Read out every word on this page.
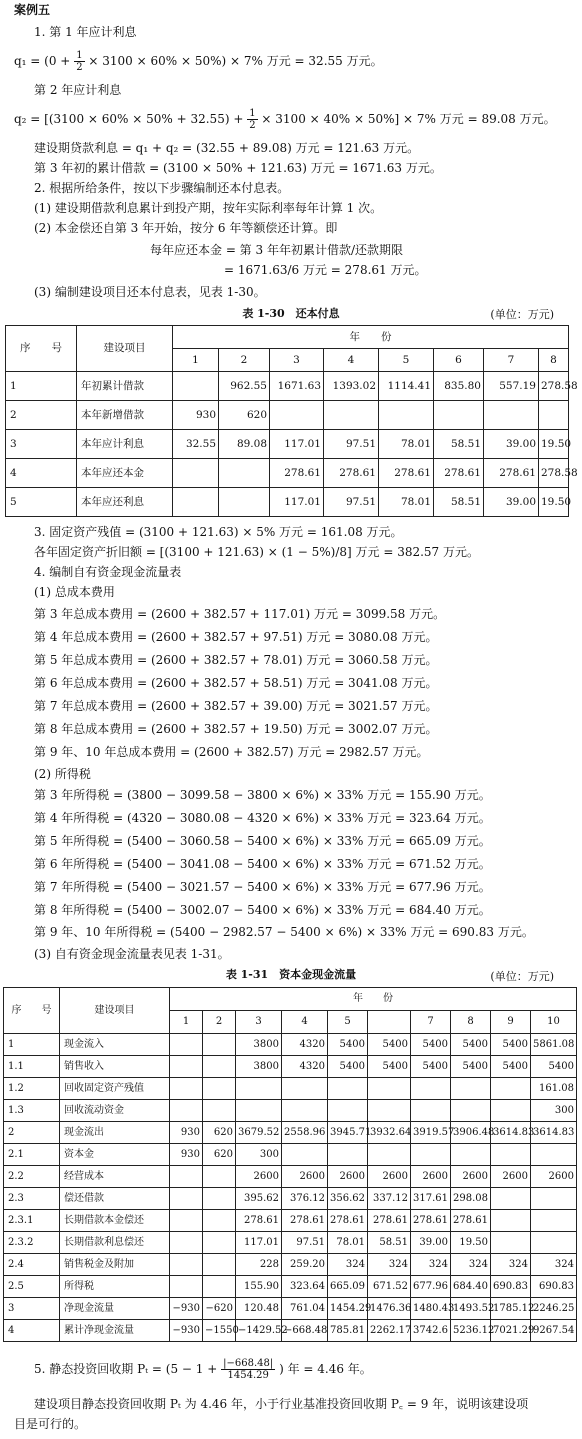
案例五
1. 第 1 年应计利息
$q_1 = (0 + \frac{1}{2} \times 3100 \times 60\% \times 50\%) \times 7\%$ 万元 = 32.55 万元。
第 2 年应计利息
$q_2 = [(3100 \times 60\% \times 50\% + 32.55) + \frac{1}{2} \times 3100 \times 40\% \times 50\%] \times 7\%$ 万元 = 89.08 万元。
建设期贷款利息 = q₁ + q₂ = (32.55 + 89.08) 万元 = 121.63 万元。
第 3 年初的累计借款 = (3100 × 50% + 121.63) 万元 = 1671.63 万元。
2. 根据所给条件，按以下步骤编制还本付息表。
(1) 建设期借款利息累计到投产期，按年实际利率每年计算 1 次。
(2) 本金偿还自第 3 年开始，按分 6 年等额偿还计算。即
每年应还本金 = 第 3 年年初累计借款/还款期限
= 1671.63/6 万元 = 278.61 万元。
(3) 编制建设项目还本付息表，见表 1-30。
表 1-30　还本付息	(单位：万元)
序　　号	建设项目	年　　份							
		1	2	3	4	5	6	7	8
1	年初累计借款		962.55	1671.63	1393.02	1114.41	835.80	557.19	278.58
2	本年新增借款	930	620						
3	本年应计利息	32.55	89.08	117.01	97.51	78.01	58.51	39.00	19.50
4	本年应还本金			278.61	278.61	278.61	278.61	278.61	278.58
5	本年应还利息			117.01	97.51	78.01	58.51	39.00	19.50
3. 固定资产残值 = (3100 + 121.63) × 5% 万元 = 161.08 万元。
各年固定资产折旧额 = [(3100 + 121.63) × (1 − 5%)/8] 万元 = 382.57 万元。
4. 编制自有资金现金流量表
(1) 总成本费用
第 3 年总成本费用 = (2600 + 382.57 + 117.01) 万元 = 3099.58 万元。
第 4 年总成本费用 = (2600 + 382.57 + 97.51) 万元 = 3080.08 万元。
第 5 年总成本费用 = (2600 + 382.57 + 78.01) 万元 = 3060.58 万元。
第 6 年总成本费用 = (2600 + 382.57 + 58.51) 万元 = 3041.08 万元。
第 7 年总成本费用 = (2600 + 382.57 + 39.00) 万元 = 3021.57 万元。
第 8 年总成本费用 = (2600 + 382.57 + 19.50) 万元 = 3002.07 万元。
第 9 年、10 年总成本费用 = (2600 + 382.57) 万元 = 2982.57 万元。
(2) 所得税
第 3 年所得税 = (3800 − 3099.58 − 3800 × 6%) × 33% 万元 = 155.90 万元。
第 4 年所得税 = (4320 − 3080.08 − 4320 × 6%) × 33% 万元 = 323.64 万元。
第 5 年所得税 = (5400 − 3060.58 − 5400 × 6%) × 33% 万元 = 665.09 万元。
第 6 年所得税 = (5400 − 3041.08 − 5400 × 6%) × 33% 万元 = 671.52 万元。
第 7 年所得税 = (5400 − 3021.57 − 5400 × 6%) × 33% 万元 = 677.96 万元。
第 8 年所得税 = (5400 − 3002.07 − 5400 × 6%) × 33% 万元 = 684.40 万元。
第 9 年、10 年所得税 = (5400 − 2982.57 − 5400 × 6%) × 33% 万元 = 690.83 万元。
(3) 自有资金现金流量表见表 1-31。
表 1-31　资本金现金流量	(单位：万元)
序　　号	建设项目	年　　份									
		1	2	3	4	5		7	8	9	10
1	现金流入			3800	4320	5400	5400	5400	5400	5400	5861.08
1.1	销售收入			3800	4320	5400	5400	5400	5400	5400	5400
1.2	回收固定资产残值										161.08
1.3	回收流动资金										300
2	现金流出	930	620	3679.52	2558.96	3945.71	3932.64	3919.57	3906.48	3614.83	3614.83
2.1	资本金	930	620	300							
2.2	经营成本			2600	2600	2600	2600	2600	2600	2600	2600
2.3	偿还借款			395.62	376.12	356.62	337.12	317.61	298.08		
2.3.1	长期借款本金偿还			278.61	278.61	278.61	278.61	278.61	278.61		
2.3.2	长期借款利息偿还			117.01	97.51	78.01	58.51	39.00	19.50		
2.4	销售税金及附加			228	259.20	324	324	324	324	324	324
2.5	所得税			155.90	323.64	665.09	671.52	677.96	684.40	690.83	690.83
3	净现金流量	−930	−620	120.48	761.04	1454.29	1476.36	1480.43	1493.52	1785.12	2246.25
4	累计净现金流量	−930	−1550	−1429.52	−668.48	785.81	2262.17	3742.6	5236.12	7021.29	9267.54
5. 静态投资回收期 $P_t = (5 - 1 + \frac{|-668.48|}{1454.29}$ ) 年 = 4.46 年。
建设项目静态投资回收期 Pₜ 为 4.46 年，小于行业基准投资回收期 P꜀ = 9 年，说明该建设项
目是可行的。
